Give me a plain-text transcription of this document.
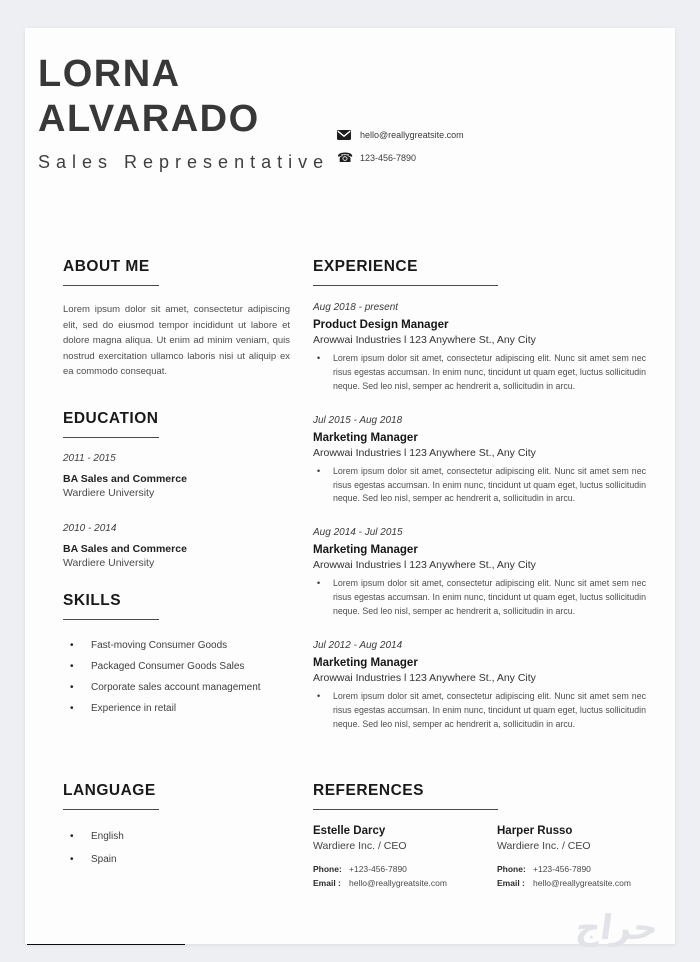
LORNA
ALVARADO
Sales Representative
hello@reallygreatsite.com
☎ 123-456-7890
ABOUT ME
Lorem ipsum dolor sit amet, consectetur adipiscing elit, sed do eiusmod tempor incididunt ut labore et dolore magna aliqua. Ut enim ad minim veniam, quis nostrud exercitation ullamco laboris nisi ut aliquip ex ea commodo consequat.
EDUCATION
2011 - 2015
BA Sales and Commerce
Wardiere University
2010 - 2014
BA Sales and Commerce
Wardiere University
SKILLS
•	Fast-moving Consumer Goods
•	Packaged Consumer Goods Sales
•	Corporate sales account management
•	Experience in retail
LANGUAGE
•	English
•	Spain
EXPERIENCE
Aug 2018 - present
Product Design Manager
Arowwai Industries l 123 Anywhere St., Any City
•	Lorem ipsum dolor sit amet, consectetur adipiscing elit. Nunc sit amet sem nec risus egestas accumsan. In enim nunc, tincidunt ut quam eget, luctus sollicitudin neque. Sed leo nisl, semper ac hendrerit a, sollicitudin in arcu.
Jul 2015 - Aug 2018
Marketing Manager
Arowwai Industries l 123 Anywhere St., Any City
•	Lorem ipsum dolor sit amet, consectetur adipiscing elit. Nunc sit amet sem nec risus egestas accumsan. In enim nunc, tincidunt ut quam eget, luctus sollicitudin neque. Sed leo nisl, semper ac hendrerit a, sollicitudin in arcu.
Aug 2014 - Jul 2015
Marketing Manager
Arowwai Industries l 123 Anywhere St., Any City
•	Lorem ipsum dolor sit amet, consectetur adipiscing elit. Nunc sit amet sem nec risus egestas accumsan. In enim nunc, tincidunt ut quam eget, luctus sollicitudin neque. Sed leo nisl, semper ac hendrerit a, sollicitudin in arcu.
Jul 2012 - Aug 2014
Marketing Manager
Arowwai Industries l 123 Anywhere St., Any City
•	Lorem ipsum dolor sit amet, consectetur adipiscing elit. Nunc sit amet sem nec risus egestas accumsan. In enim nunc, tincidunt ut quam eget, luctus sollicitudin neque. Sed leo nisl, semper ac hendrerit a, sollicitudin in arcu.
REFERENCES
Estelle Darcy
Wardiere Inc. / CEO
Phone: +123-456-7890
Email : hello@reallygreatsite.com
Harper Russo
Wardiere Inc. / CEO
Phone: +123-456-7890
Email : hello@reallygreatsite.com
حراج
